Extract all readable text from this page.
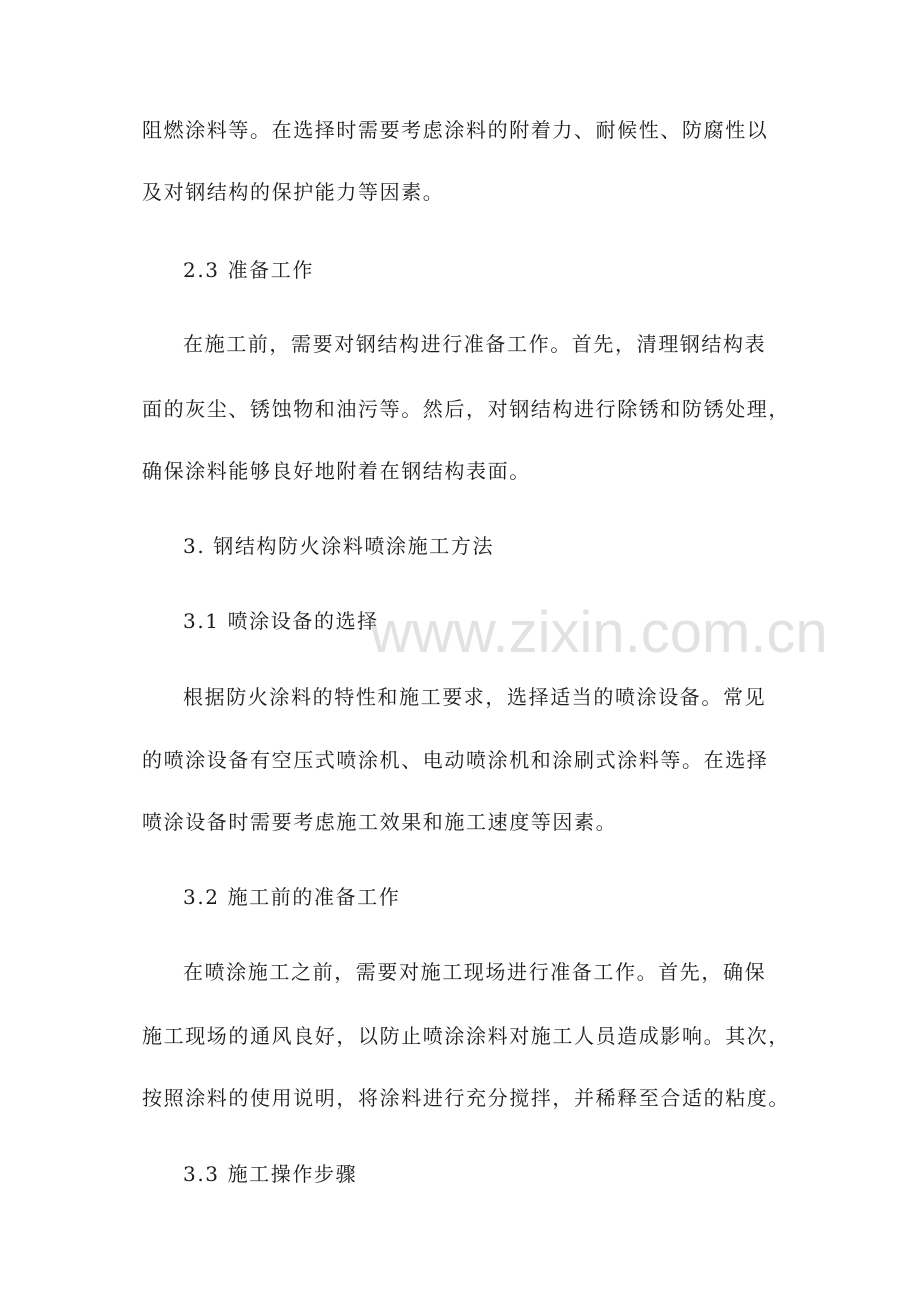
阻燃涂料等。在选择时需要考虑涂料的附着力、耐候性、防腐性以
及对钢结构的保护能力等因素。
2.3 准备工作
在施工前，需要对钢结构进行准备工作。首先，清理钢结构表
面的灰尘、锈蚀物和油污等。然后，对钢结构进行除锈和防锈处理，
确保涂料能够良好地附着在钢结构表面。
3. 钢结构防火涂料喷涂施工方法
3.1 喷涂设备的选择
根据防火涂料的特性和施工要求，选择适当的喷涂设备。常见
的喷涂设备有空压式喷涂机、电动喷涂机和涂刷式涂料等。在选择
喷涂设备时需要考虑施工效果和施工速度等因素。
3.2 施工前的准备工作
在喷涂施工之前，需要对施工现场进行准备工作。首先，确保
施工现场的通风良好，以防止喷涂涂料对施工人员造成影响。其次，
按照涂料的使用说明，将涂料进行充分搅拌，并稀释至合适的粘度。
3.3 施工操作步骤
www.zixin.com.cn
